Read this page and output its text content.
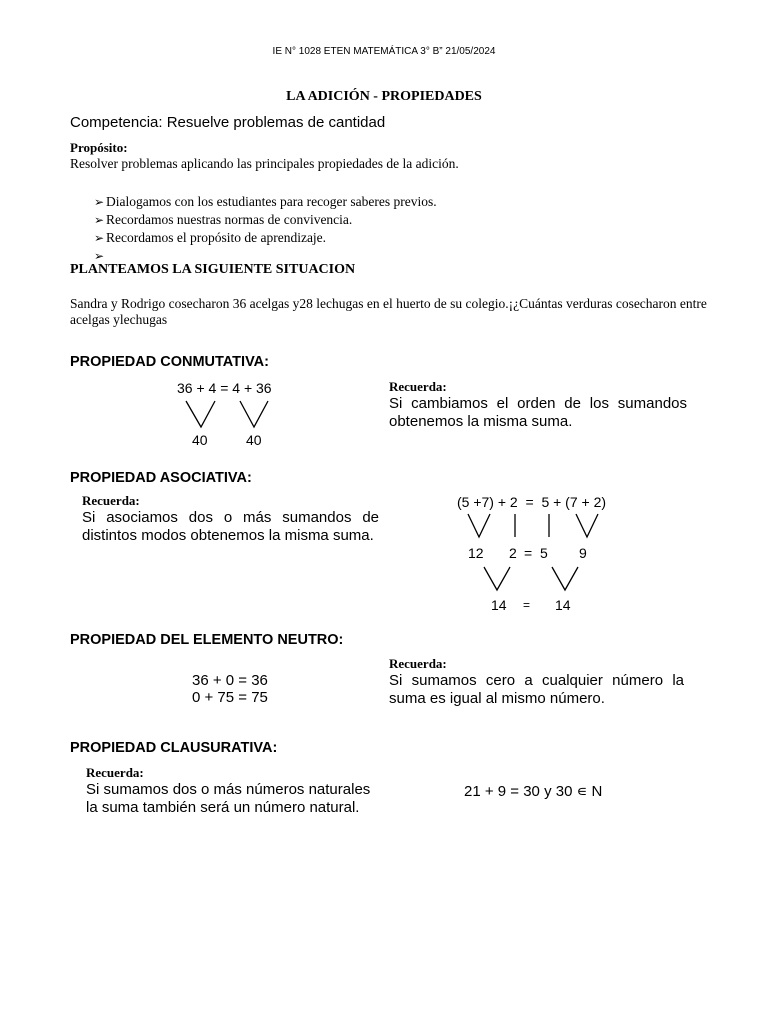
IE N° 1028 ETEN MATEMÁTICA 3° B” 21/05/2024
LA ADICIÓN - PROPIEDADES
Competencia: Resuelve problemas de cantidad
Propósito:
Resolver problemas aplicando las principales propiedades de la adición.
➢ Dialogamos con los estudiantes para recoger saberes previos.
➢ Recordamos nuestras normas de convivencia.
➢ Recordamos el propósito de aprendizaje.
➢
PLANTEAMOS LA SIGUIENTE SITUACION
Sandra y Rodrigo cosecharon 36 acelgas y28 lechugas en el huerto de su colegio.¡¿Cuántas verduras cosecharon entre acelgas ylechugas
PROPIEDAD CONMUTATIVA:
36 + 4 = 4 + 36
40	40
Recuerda:
Si cambiamos el orden de los sumandos obtenemos la misma suma.
PROPIEDAD ASOCIATIVA:
Recuerda:
Si asociamos dos o más sumandos de distintos modos obtenemos la misma suma.
(5 +7) + 2  =  5 + (7 + 2)
12 2 = 5 9
14 = 14
PROPIEDAD DEL ELEMENTO NEUTRO:
36 + 0 = 36
0 + 75 = 75
Recuerda:
Si sumamos cero a cualquier número la suma es igual al mismo número.
PROPIEDAD CLAUSURATIVA:
Recuerda:
Si sumamos dos o más números naturales
la suma también será un número natural.
21 + 9 = 30 y 30 ∊ N
